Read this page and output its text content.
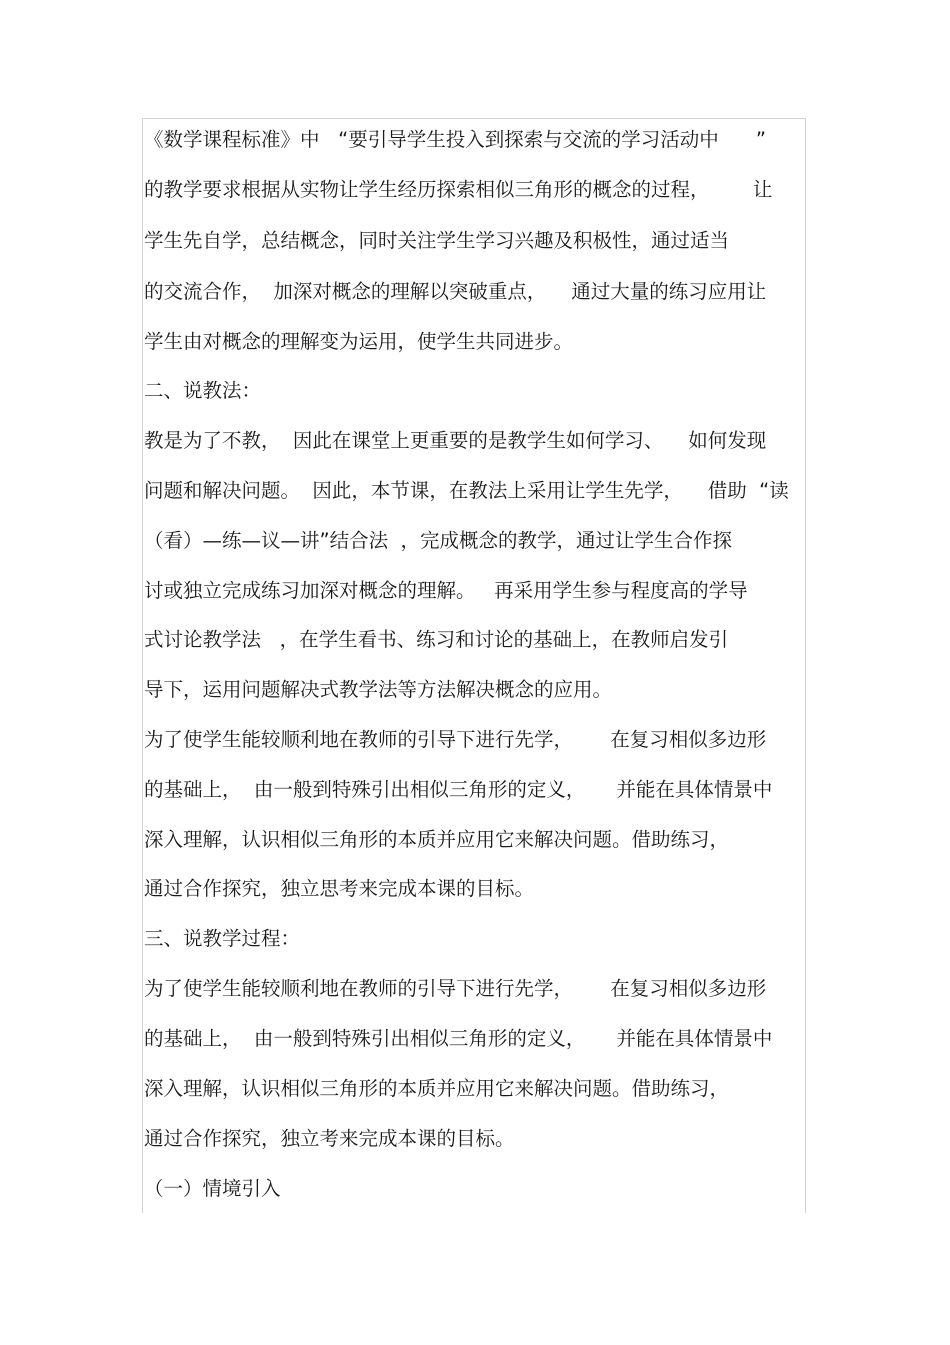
《数学课程标准》中   “要引导学生投入到探索与交流的学习活动中      ”

的教学要求根据从实物让学生经历探索相似三角形的概念的过程，       让

学生先自学，总结概念，同时关注学生学习兴趣及积极性，通过适当

的交流合作，  加深对概念的理解以突破重点，    通过大量的练习应用让

学生由对概念的理解变为运用，使学生共同进步。

二、说教法：

教是为了不教，  因此在课堂上更重要的是教学生如何学习、    如何发现

问题和解决问题。  因此，本节课，在教法上采用让学生先学，    借助  “读

（看）—练—议—讲”结合法  ，完成概念的教学，通过让学生合作探

讨或独立完成练习加深对概念的理解。   再采用学生参与程度高的学导

式讨论教学法   ，在学生看书、练习和讨论的基础上，在教师启发引

导下，运用问题解决式教学法等方法解决概念的应用。

为了使学生能较顺利地在教师的引导下进行先学，      在复习相似多边形

的基础上，  由一般到特殊引出相似三角形的定义，     并能在具体情景中

深入理解，认识相似三角形的本质并应用它来解决问题。借助练习，

通过合作探究，独立思考来完成本课的目标。

三、说教学过程：

为了使学生能较顺利地在教师的引导下进行先学，      在复习相似多边形

的基础上，  由一般到特殊引出相似三角形的定义，     并能在具体情景中

深入理解，认识相似三角形的本质并应用它来解决问题。借助练习，

通过合作探究，独立考来完成本课的目标。

（一）情境引入
